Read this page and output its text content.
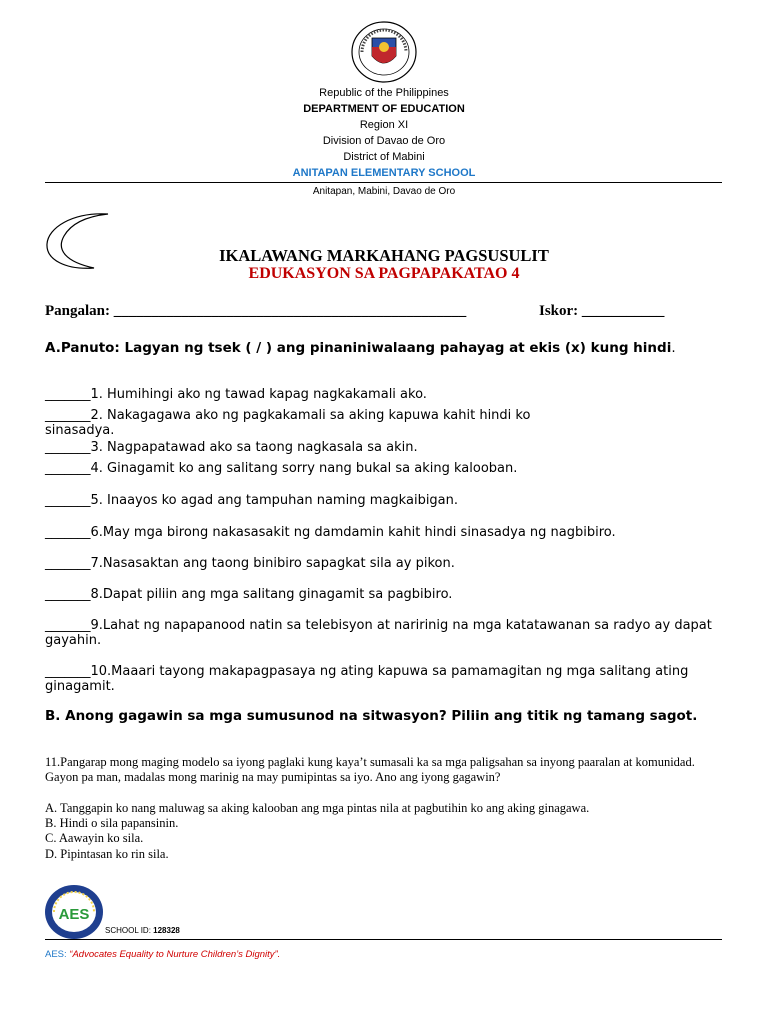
Republic of the Philippines
DEPARTMENT OF EDUCATION
Region XI
Division of Davao de Oro
District of Mabini
ANITAPAN ELEMENTARY SCHOOL
Anitapan, Mabini, Davao de Oro
IKALAWANG MARKAHANG PAGSUSULIT
EDUKASYON SA PAGPAPAKATAO 4
Pangalan: _______________________________________________	Iskor: ___________
A.Panuto: Lagyan ng tsek ( / ) ang pinaniniwalaang pahayag at ekis (x) kung hindi.
_______1. Humihingi ako ng tawad kapag nagkakamali ako.
_______2. Nakagagawa ako ng pagkakamali sa aking kapuwa kahit hindi ko sinasadya.
_______3. Nagpapatawad ako sa taong nagkasala sa akin.
_______4. Ginagamit ko ang salitang sorry nang bukal sa aking kalooban.
_______5. Inaayos ko agad ang tampuhan naming magkaibigan.
_______6.May mga birong nakasasakit ng damdamin kahit hindi sinasadya ng nagbibiro.
_______7.Nasasaktan ang taong binibiro sapagkat sila ay pikon.
_______8.Dapat piliin ang mga salitang ginagamit sa pagbibiro.
_______9.Lahat ng napapanood natin sa telebisyon at naririnig na mga katatawanan sa radyo ay dapat gayahin.
_______10.Maaari tayong makapagpasaya ng ating kapuwa sa pamamagitan ng mga salitang ating ginagamit.
B. Anong gagawin sa mga sumusunod na sitwasyon? Piliin ang titik ng tamang sagot.
11.Pangarap mong maging modelo sa iyong paglaki kung kaya’t sumasali ka sa mga paligsahan sa inyong paaralan at komunidad. Gayon pa man, madalas mong marinig na may pumipintas sa iyo. Ano ang iyong gagawin?
A. Tanggapin ko nang maluwag sa aking kalooban ang mga pintas nila at pagbutihin ko ang aking ginagawa.
B. Hindi o sila papansinin.
C. Aawayin ko sila.
D. Pipintasan ko rin sila.
AES
SCHOOL ID: 128328
AES: “Advocates Equality to Nurture Children’s Dignity”.
